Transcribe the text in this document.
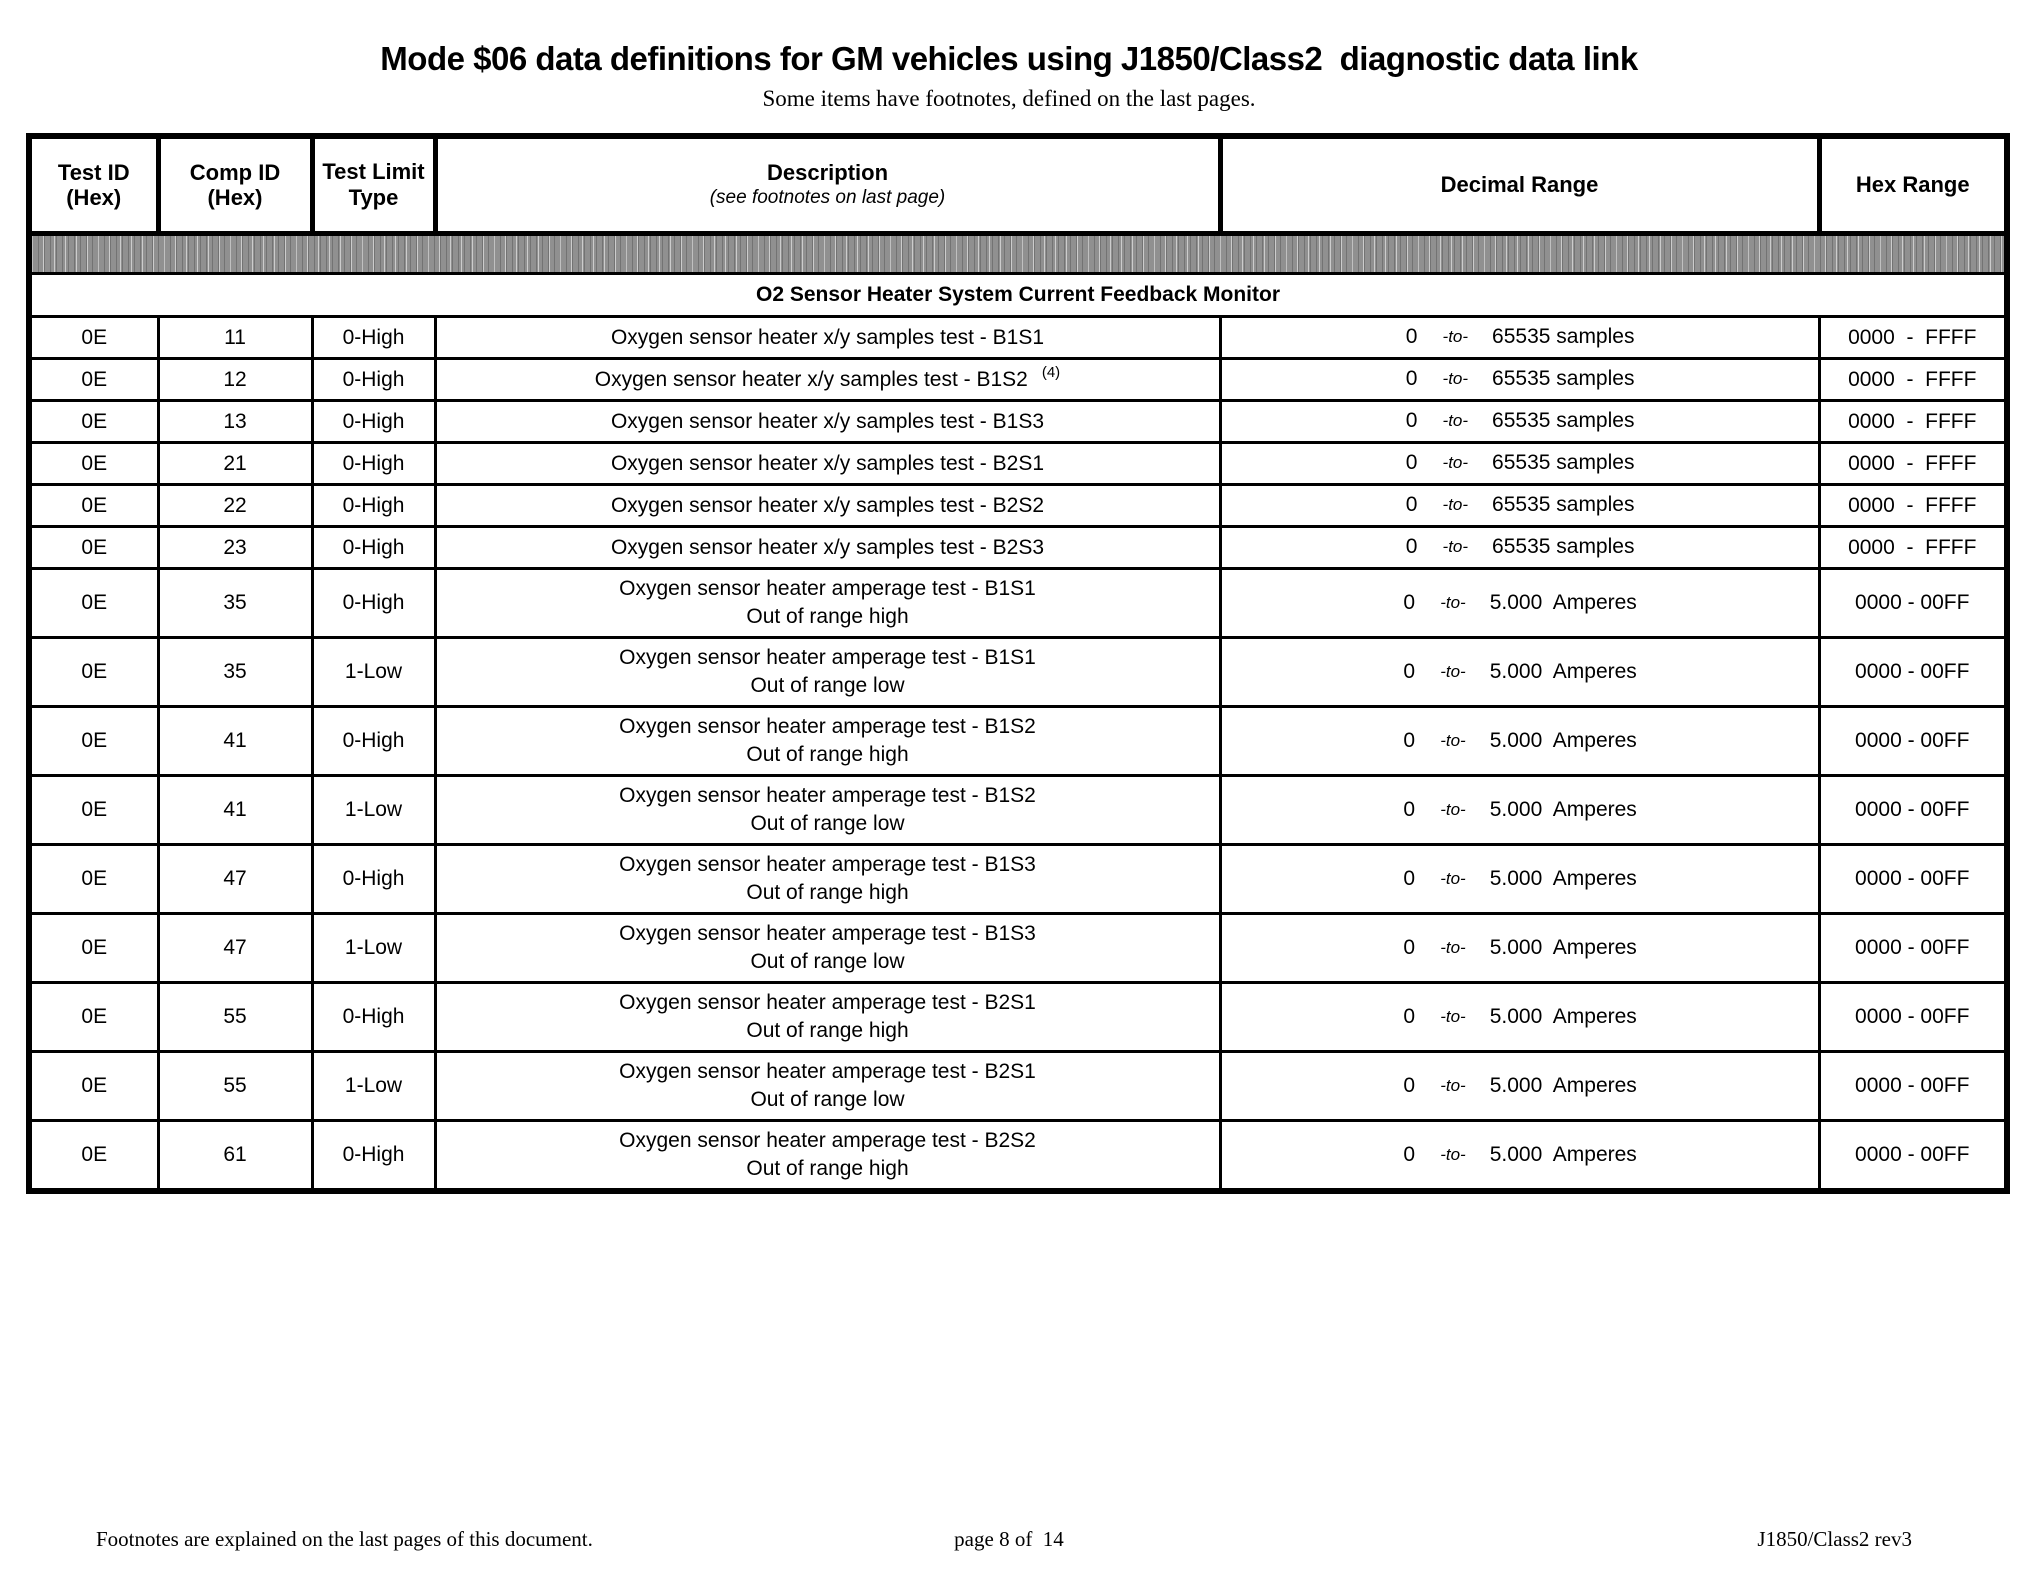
Mode $06 data definitions for GM vehicles using J1850/Class2  diagnostic data link
Some items have footnotes, defined on the last pages.
Test ID
(Hex)	Comp ID
(Hex)	Test Limit Type	Description
(see footnotes on last page)	Decimal Range	Hex Range

O2 Sensor Heater System Current Feedback Monitor					
0E	11	0-High	Oxygen sensor heater x/y samples test - B1S1	0 -to- 65535 samples	0000  -  FFFF
0E	12	0-High	Oxygen sensor heater x/y samples test - B1S2 $^{(4)}$	0 -to- 65535 samples	0000  -  FFFF
0E	13	0-High	Oxygen sensor heater x/y samples test - B1S3	0 -to- 65535 samples	0000  -  FFFF
0E	21	0-High	Oxygen sensor heater x/y samples test - B2S1	0 -to- 65535 samples	0000  -  FFFF
0E	22	0-High	Oxygen sensor heater x/y samples test - B2S2	0 -to- 65535 samples	0000  -  FFFF
0E	23	0-High	Oxygen sensor heater x/y samples test - B2S3	0 -to- 65535 samples	0000  -  FFFF
0E	35	0-High	Oxygen sensor heater amperage test - B1S1
Out of range high	0 -to- 5.000  Amperes	0000 - 00FF
0E	35	1-Low	Oxygen sensor heater amperage test - B1S1
Out of range low	0 -to- 5.000  Amperes	0000 - 00FF
0E	41	0-High	Oxygen sensor heater amperage test - B1S2
Out of range high	0 -to- 5.000  Amperes	0000 - 00FF
0E	41	1-Low	Oxygen sensor heater amperage test - B1S2
Out of range low	0 -to- 5.000  Amperes	0000 - 00FF
0E	47	0-High	Oxygen sensor heater amperage test - B1S3
Out of range high	0 -to- 5.000  Amperes	0000 - 00FF
0E	47	1-Low	Oxygen sensor heater amperage test - B1S3
Out of range low	0 -to- 5.000  Amperes	0000 - 00FF
0E	55	0-High	Oxygen sensor heater amperage test - B2S1
Out of range high	0 -to- 5.000  Amperes	0000 - 00FF
0E	55	1-Low	Oxygen sensor heater amperage test - B2S1
Out of range low	0 -to- 5.000  Amperes	0000 - 00FF
0E	61	0-High	Oxygen sensor heater amperage test - B2S2
Out of range high	0 -to- 5.000  Amperes	0000 - 00FF
Footnotes are explained on the last pages of this document.	page 8 of  14	J1850/Class2 rev3
